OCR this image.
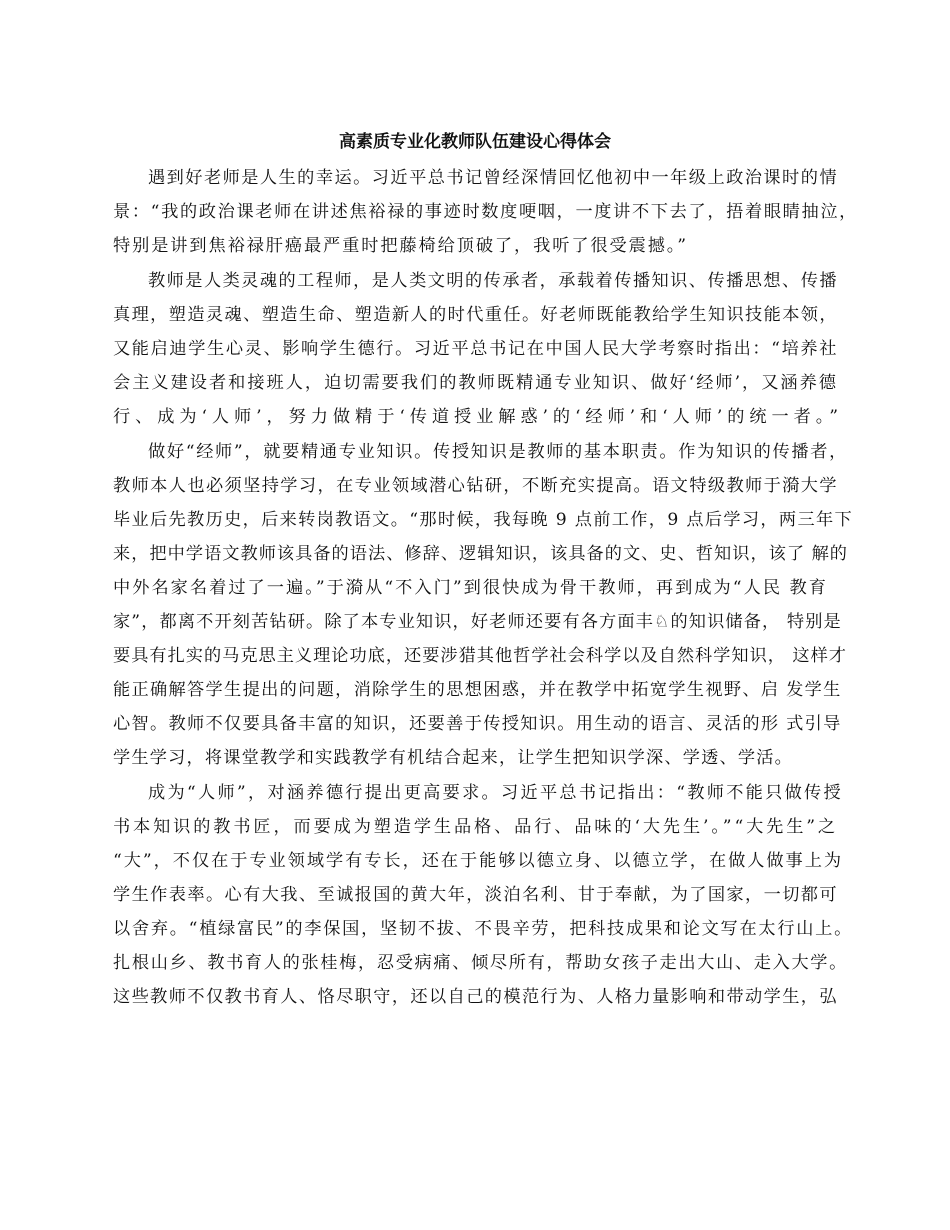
高素质专业化教师队伍建设心得体会

遇到好老师是人生的幸运。习近平总书记曾经深情回忆他初中一年级上政治课时的情

景：“我的政治课老师在讲述焦裕禄的事迹时数度哽咽，一度讲不下去了，捂着眼睛抽泣，

特别是讲到焦裕禄肝癌最严重时把藤椅给顶破了，我听了很受震撼。”

教师是人类灵魂的工程师，是人类文明的传承者，承载着传播知识、传播思想、传播

真理，塑造灵魂、塑造生命、塑造新人的时代重任。好老师既能教给学生知识技能本领，

又能启迪学生心灵、影响学生德行。习近平总书记在中国人民大学考察时指出：“培养社

会主义建设者和接班人，迫切需要我们的教师既精通专业知识、做好‘经师’，又涵养德

行、成为‘人师’，努力做精于‘传道授业解惑’的‘经师’和‘人师’的统一者。”

做好“经师”，就要精通专业知识。传授知识是教师的基本职责。作为知识的传播者，

教师本人也必须坚持学习，在专业领域潜心钻研，不断充实提高。语文特级教师于漪大学

毕业后先教历史，后来转岗教语文。“那时候，我每晚 9 点前工作，9 点后学习，两三年下

来，把中学语文教师该具备的语法、修辞、逻辑知识，该具备的文、史、哲知识，该了 解的

中外名家名着过了一遍。”于漪从“不入门”到很快成为骨干教师，再到成为“人民 教育

家”，都离不开刻苦钻研。除了本专业知识，好老师还要有各方面丰♘的知识储备， 特别是

要具有扎实的马克思主义理论功底，还要涉猎其他哲学社会科学以及自然科学知识， 这样才

能正确解答学生提出的问题，消除学生的思想困惑，并在教学中拓宽学生视野、启 发学生

心智。教师不仅要具备丰富的知识，还要善于传授知识。用生动的语言、灵活的形 式引导

学生学习，将课堂教学和实践教学有机结合起来，让学生把知识学深、学透、学活。

成为“人师”，对涵养德行提出更高要求。习近平总书记指出：“教师不能只做传授

书本知识的教书匠，而要成为塑造学生品格、品行、品味的‘大先生’。”“大先生”之

“大”，不仅在于专业领域学有专长，还在于能够以德立身、以德立学，在做人做事上为

学生作表率。心有大我、至诚报国的黄大年，淡泊名利、甘于奉献，为了国家，一切都可

以舍弃。“植绿富民”的李保国，坚韧不拔、不畏辛劳，把科技成果和论文写在太行山上。

扎根山乡、教书育人的张桂梅，忍受病痛、倾尽所有，帮助女孩子走出大山、走入大学。

这些教师不仅教书育人、恪尽职守，还以自己的模范行为、人格力量影响和带动学生，弘
